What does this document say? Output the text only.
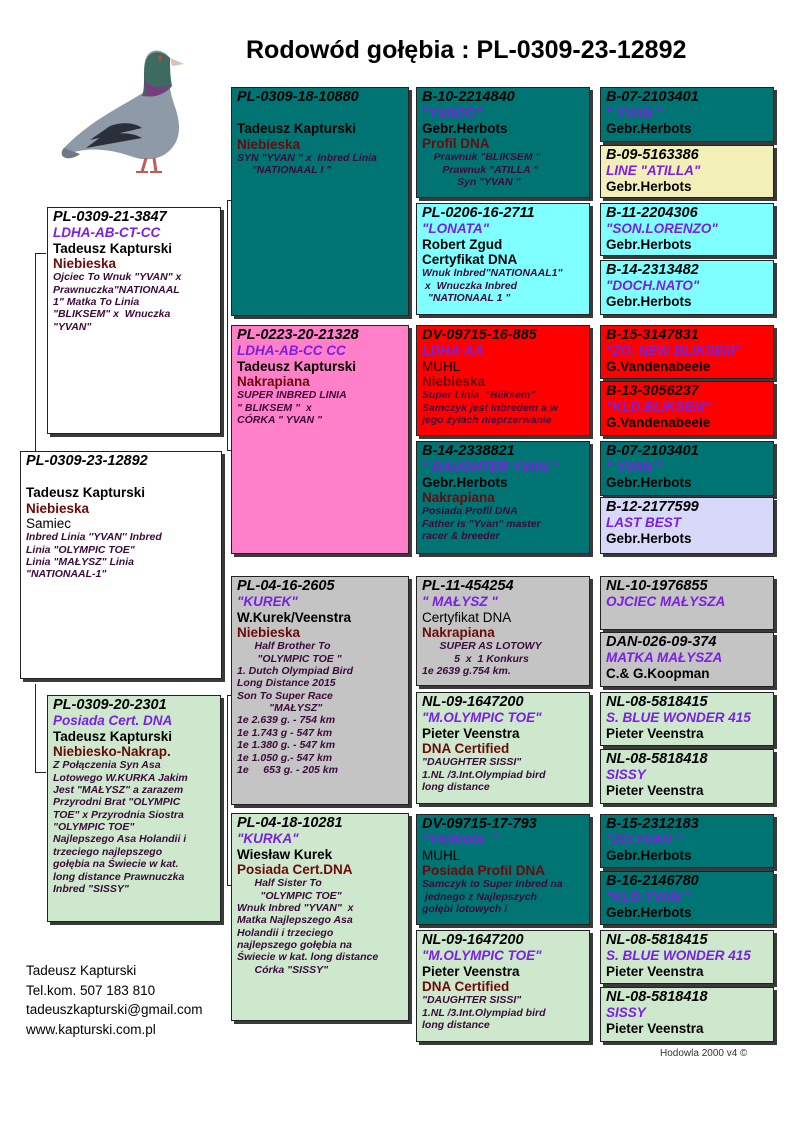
Rodowód gołębia : PL-0309-23-12892
PL-0309-23-12892
Tadeusz Kapturski
Niebieska
Samiec
Inbred Linia ''YVAN'' Inbred
Linia "OLYMPIC TOE"
Linia "MAŁYSZ" Linia
"NATIONAAL-1"
PL-0309-21-3847
LDHA-AB-CT-CC
Tadeusz Kapturski
Niebieska
Ojciec To Wnuk "YVAN" x
Prawnuczka"NATIONAAL
1" Matka To Linia
"BLIKSEM" x  Wnuczka
"YVAN"
PL-0309-20-2301
Posiada Cert. DNA
Tadeusz Kapturski
Niebiesko-Nakrap.
Z Połączenia Syn Asa
Lotowego W.KURKA Jakim
Jest "MAŁYSZ" a zarazem
Przyrodni Brat "OLYMPIC
TOE" x Przyrodnia Siostra
"OLYMPIC TOE"
Najlepszego Asa Holandii i
trzeciego najlepszego
gołębia na Świecie w kat.
long distance Prawnuczka
Inbred "SISSY"
PL-0309-18-10880
Tadeusz Kapturski
Niebieska
SYN "YVAN " x  Inbred Linia
"NATIONAAL I "
PL-0223-20-21328
LDHA-AB-CC CC
Tadeusz Kapturski
Nakrapiana
SUPER INBRED LINIA
" BLIKSEM "  x
CÓRKA " YVAN "
PL-04-16-2605
"KUREK"
W.Kurek/Veenstra
Niebieska
Half Brother To
"OLYMPIC TOE "
1. Dutch Olympiad Bird
Long Distance 2015
Son To Super Race
"MAŁYSZ"
1e 2.639 g. - 754 km
1e 1.743 g - 547 km
1e 1.380 g. - 547 km
1e 1.050 g.- 547 km
1e     653 g. - 205 km
PL-04-18-10281
"KURKA"
Wiesław Kurek
Posiada Cert.DNA
Half Sister To
"OLYMPIC TOE"
Wnuk Inbred "YVAN"  x
Matka Najlepszego Asa
Holandii i trzeciego
najlepszego gołębia na
Świecie w kat. long distance
Córka "SISSY"
B-10-2214840
"YVADO"
Gebr.Herbots
Profil DNA
Prawnuk "BLIKSEM "
Prawnuk "ATILLA "
Syn "YVAN "
PL-0206-16-2711
"LONATA"
Robert Zgud
Certyfikat DNA
Wnuk Inbred"NATIONAAL1"
x  Wnuczka Inbred
"NATIONAAL 1 "
DV-09715-16-885
LDHA-AA
MUHL
Niebieska
Super Linia  "Bliksem"
Samczyk jest inbredem a w
jego żyłach nieprzerwanie
B-14-2338821
" DAUGHTER YVAN "
Gebr.Herbots
Nakrapiana
Posiada Profil DNA
Father is "Yvan" master
racer & breeder
PL-11-454254
" MAŁYSZ "
Certyfikat DNA
Nakrapiana
SUPER AS LOTOWY
5  x  1 Konkurs
1e 2639 g.754 km.
NL-09-1647200
"M.OLYMPIC TOE"
Pieter Veenstra
DNA Certified
"DAUGHTER SISSI"
1.NL /3.Int.Olympiad bird
long distance
DV-09715-17-793
"YWANOL "
MUHL
Posiada Profil DNA
Samczyk to Super Inbred na
jednego z Najlepszych
gołębi lotowych i
NL-09-1647200
"M.OLYMPIC TOE"
Pieter Veenstra
DNA Certified
"DAUGHTER SISSI"
1.NL /3.Int.Olympiad bird
long distance
B-07-2103401
" YVAN "
Gebr.Herbots
B-09-5163386
LINE "ATILLA"
Gebr.Herbots
B-11-2204306
"SON.LORENZO"
Gebr.Herbots
B-14-2313482
"DOCH.NATO"
Gebr.Herbots
B-15-3147831
"ZO. NEW BLIKSEM"
G.Vandenabeele
B-13-3056237
"KLD.BLIKSEM"
G.Vandenabeele
B-07-2103401
" YVAN "
Gebr.Herbots
B-12-2177599
LAST BEST
Gebr.Herbots
NL-10-1976855
OJCIEC MAŁYSZA
DAN-026-09-374
MATKA MAŁYSZA
C.& G.Koopman
NL-08-5818415
S. BLUE WONDER 415
Pieter Veenstra
NL-08-5818418
SISSY
Pieter Veenstra
B-15-2312183
"ZO.YVAN "
Gebr.Herbots
B-16-2146780
"KLD.YVAN "
Gebr.Herbots
NL-08-5818415
S. BLUE WONDER 415
Pieter Veenstra
NL-08-5818418
SISSY
Pieter Veenstra
Tadeusz Kapturski
Tel.kom. 507 183 810
tadeuszkapturski@gmail.com
www.kapturski.com.pl
Hodowla 2000 v4 ©
